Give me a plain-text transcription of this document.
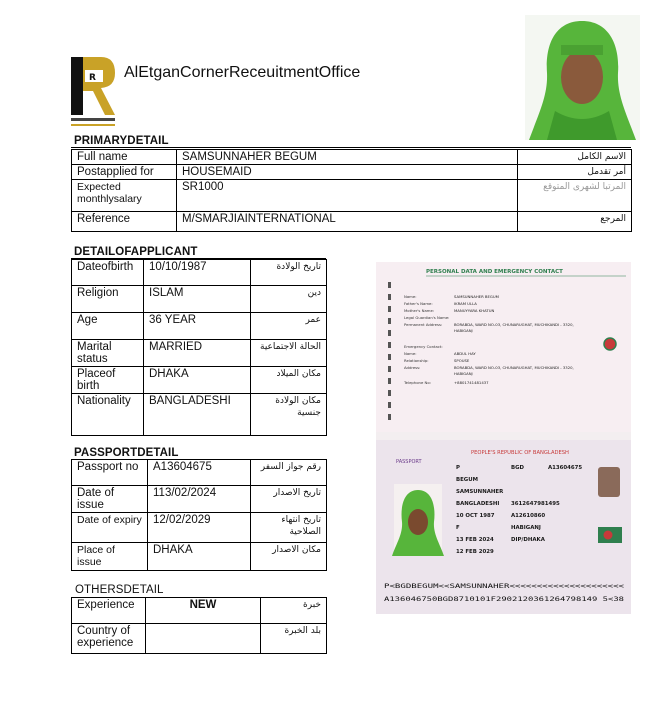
R AlEtganCornerReceuitmentOffice
PRIMARYDETAIL
Full name	SAMSUNNAHER BEGUM	الاسم الكامل
Postapplied for	HOUSEMAID	أمر تقدمل
Expected monthlysalary	SR1000	المرتبا لشهرى المتوقع
Reference	M/SMARJIAINTERNATIONAL	المرجع
DETAILOFAPPLICANT
Dateofbirth	10/10/1987	تاريخ الولادة
Religion	ISLAM	دين
Age	36 YEAR	عمر
Marital status	MARRIED	الحالة الاجتماعية
Placeof birth	DHAKA	مكان الميلاد
Nationality	BANGLADESHI	مكان الولادة جنسية
PASSPORTDETAIL
Passport no	A13604675	رقم جواز السفر
Date of issue	113/02/2024	تاريخ الاصدار
Date of expiry	12/02/2029	تاريخ انتهاء الصلاحية
Place of issue	DHAKA	مكان الاصدار
OTHERSDETAIL
Experience	NEW	خبرة
Country of experience		بلد الخبرة
PERSONAL DATA AND EMERGENCY CONTACT
Name:	SAMSUNNAHER BEGUM
Father's Name:	IKRAM ULLA
Mother's Name:	MANUYYARA KHATUN
Legal Guardian's Name:
Permanent Address:	BORABDA, WARD NO-03, CHUNARUGHAT, MUCHIKANDI - 3320,
HABIGANJ
Emergency Contact:
Name:	ABDUL HAY
Relationship:	SPOUSE
Address:	BORABDA, WARD NO-03, CHUNARUGHAT, MUCHIKANDI - 3320,
HABIGANJ
Telephone No:	+8801741481437
PEOPLE'S REPUBLIC OF BANGLADESH
PASSPORT
P	BGD	A13604675
BEGUM
SAMSUNNAHER
BANGLADESHI 3612647981495
10 OCT 1987	A12610860
F	HABIGANJ
13 FEB 2024	DIP/DHAKA
12 FEB 2029
P<BGDBEGUM<<SAMSUNNAHER<<<<<<<<<<<<<<<<<<<<<
A136046750BGD8710101F2902120361264798149 5<38
